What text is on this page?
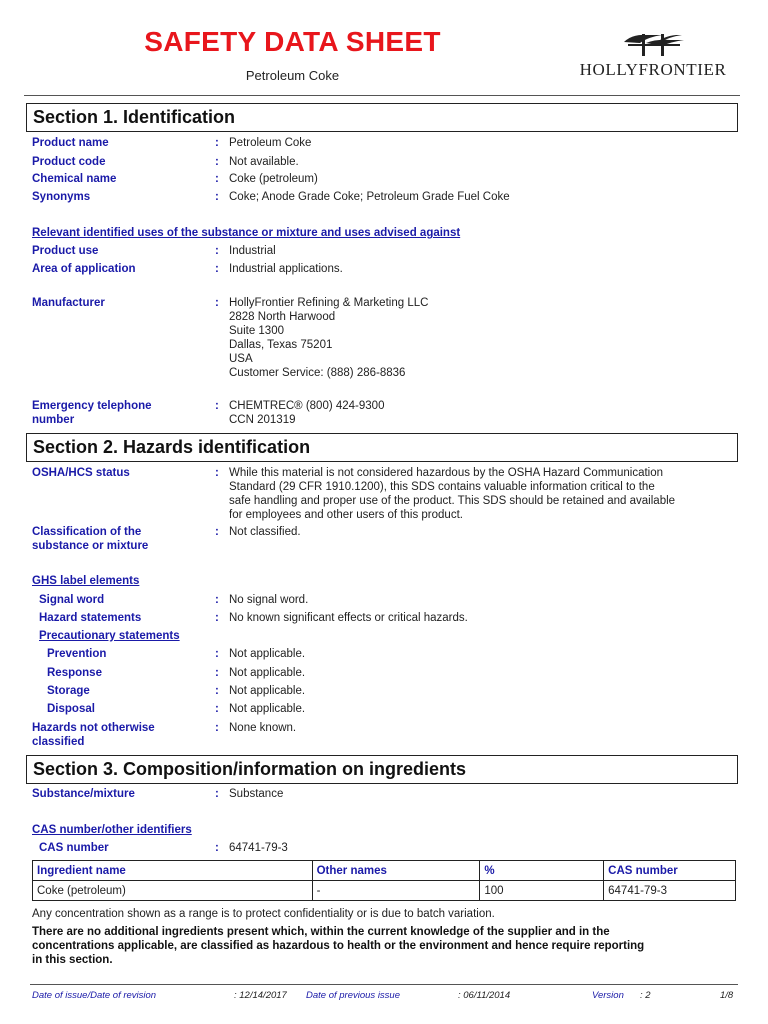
SAFETY DATA SHEET
Petroleum Coke	HOLLYFRONTIER
Section 1. Identification
Product name	: Petroleum Coke
Product code	: Not available.
Chemical name	: Coke (petroleum)
Synonyms	: Coke; Anode Grade Coke; Petroleum Grade Fuel Coke
Relevant identified uses of the substance or mixture and uses advised against
Product use	: Industrial
Area of application	: Industrial applications.
Manufacturer	: HollyFrontier Refining & Marketing LLC
2828 North Harwood
Suite 1300
Dallas, Texas 75201
USA
Customer Service: (888) 286-8836
Emergency telephone
number
: CHEMTREC® (800) 424-9300
CCN 201319
Section 2. Hazards identification
OSHA/HCS status	: While this material is not considered hazardous by the OSHA Hazard Communication
Standard (29 CFR 1910.1200), this SDS contains valuable information critical to the
safe handling and proper use of the product. This SDS should be retained and available
for employees and other users of this product.
Classification of the
substance or mixture
: Not classified.
GHS label elements
Signal word	: No signal word.
Hazard statements	: No known significant effects or critical hazards.
Precautionary statements
Prevention	: Not applicable.
Response	: Not applicable.
Storage	: Not applicable.
Disposal	: Not applicable.
Hazards not otherwise
classified
: None known.
Section 3. Composition/information on ingredients
Substance/mixture	: Substance
CAS number/other identifiers
CAS number	: 64741-79-3
Ingredient name	Other names	%	CAS number
Coke (petroleum)	-	100	64741-79-3
Any concentration shown as a range is to protect confidentiality or is due to batch variation.
There are no additional ingredients present which, within the current knowledge of the supplier and in the
concentrations applicable, are classified as hazardous to health or the environment and hence require reporting
in this section.
Date of issue/Date of revision	: 12/14/2017 Date of previous issue	: 06/11/2014	Version : 2	1/8
